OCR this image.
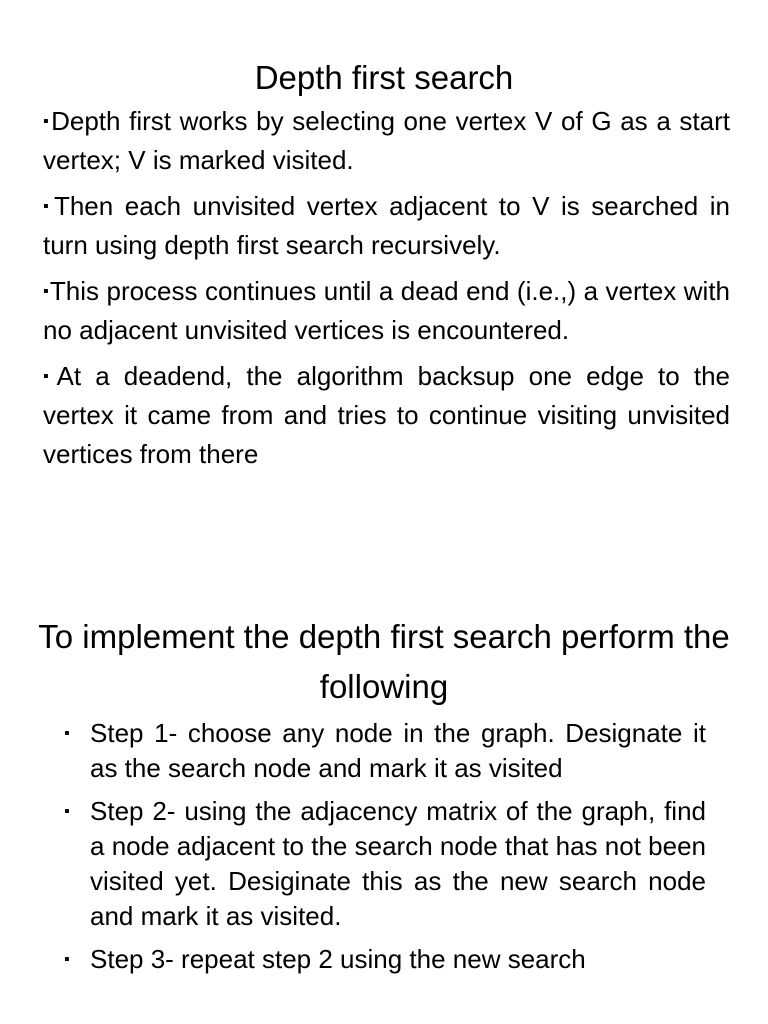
Depth first search
▪Depth first works by selecting one vertex V of G as a start vertex; V is marked visited.
▪Then each unvisited vertex adjacent to V is searched in turn using depth first search recursively.
▪This process continues until a dead end (i.e.,) a vertex with no adjacent unvisited vertices is encountered.
▪At a deadend, the algorithm backsup one edge to the vertex it came from and tries to continue visiting unvisited vertices from there
To implement the depth first search perform the following
▪ Step 1- choose any node in the graph. Designate it as the search node and mark it as visited
▪ Step 2- using the adjacency matrix of the graph, find a node adjacent to the search node that has not been visited yet. Desiginate this as the new search node and mark it as visited.
▪ Step 3- repeat step 2 using the new search
